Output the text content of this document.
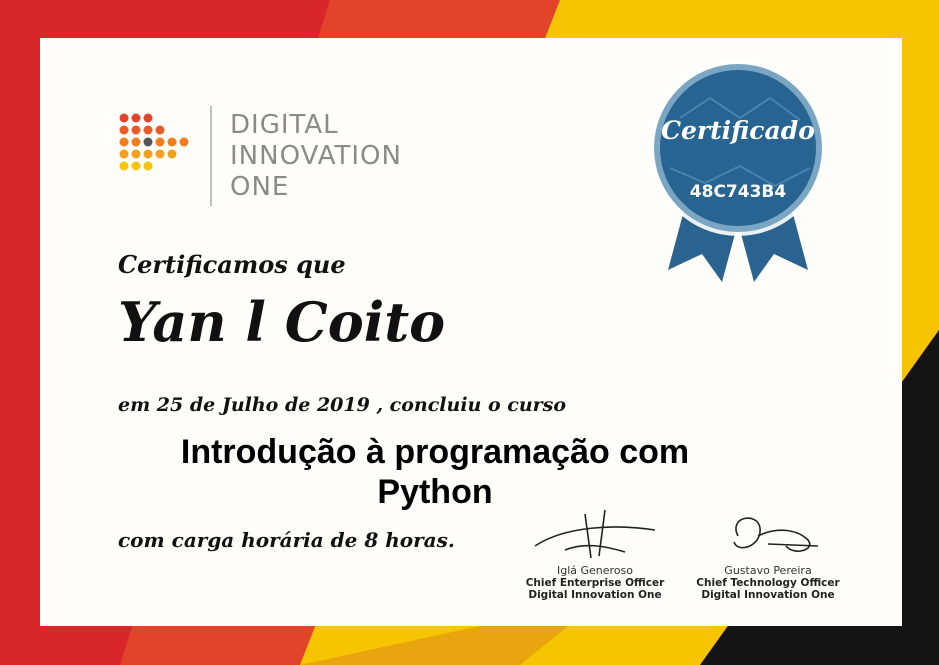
DIGITAL
INNOVATION
ONE
Certificado
48C743B4
Certificamos que
Yan l Coito
em 25 de Julho de 2019 , concluiu o curso
Introdução à programação com
Python
com carga horária de 8 horas.
Iglá Generoso
Chief Enterprise Officer
Digital Innovation One
Gustavo Pereira
Chief Technology Officer
Digital Innovation One
